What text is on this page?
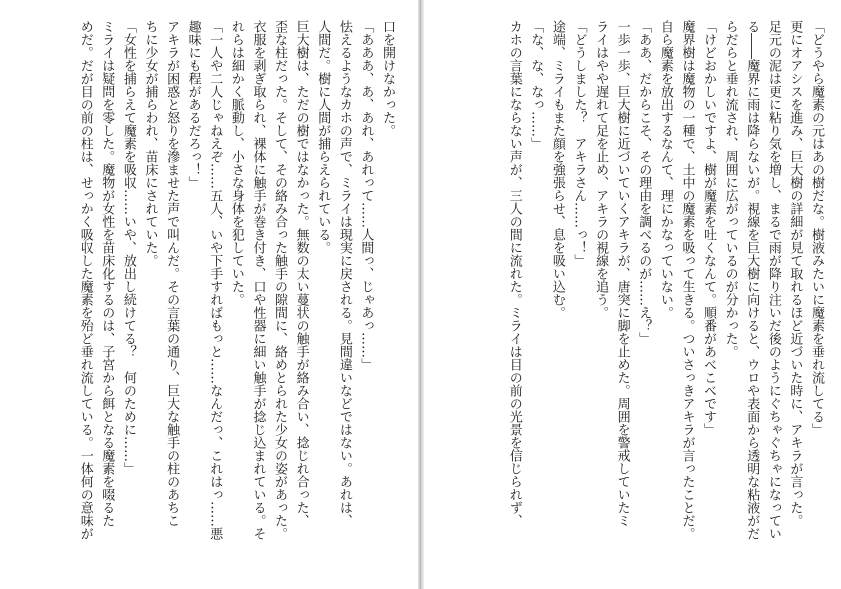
口を開けなかった。
「あああ、あ、あれ、あれって……人間っ、じゃあっ……」
怯えるようなカホの声で、ミライは現実に戻される。見間違いなどではない。あれは、
人間だ。樹に人間が捕らえられている。
巨大樹は、ただの樹ではなかった。無数の太い蔓状の触手が絡み合い、捻じれ合った、
歪な柱だった。そして、その絡み合った触手の隙間に、絡めとられた少女の姿があった。
衣服を剥ぎ取られ、裸体に触手が巻き付き、口や性器に細い触手が捻じ込まれている。そ
れらは細かく脈動し、小さな身体を犯していた。
「一人や二人じゃねえぞ……五人、いや下手すればもっと……なんだっ、これはっ……悪
趣味にも程があるだろっ！」
アキラが困惑と怒りを滲ませた声で叫んだ。その言葉の通り、巨大な触手の柱のあちこ
ちに少女が捕らわれ、苗床にされていた。
「女性を捕らえて魔素を吸収……いや、放出し続けてる？　何のために……」
ミライは疑問を零した。魔物が女性を苗床化するのは、子宮から餌となる魔素を啜るた
めだ。だが目の前の柱は、せっかく吸収した魔素を殆ど垂れ流している。一体何の意味が	「どうやら魔素の元はあの樹だな。樹液みたいに魔素を垂れ流してる」
更にオアシスを進み、巨大樹の詳細が見て取れるほど近づいた時に、アキラが言った。
足元の泥は更に粘り気を増し、まるで雨が降り注いだ後のようにぐちゃぐちゃになってい
る――魔界に雨は降らないが。視線を巨大樹に向けると、ウロや表面から透明な粘液がだ
らだらと垂れ流され、周囲に広がっているのが分かった。
「けどおかしいですよ、樹が魔素を吐くなんて。順番があべこべです」
魔界樹は魔物の一種で、土中の魔素を吸って生きる。ついさっきアキラが言ったことだ。
自ら魔素を放出するなんて、理にかなっていない。
「ああ、だからこそ、その理由を調べるのが……え？」
一歩一歩、巨大樹に近づいていくアキラが、唐突に脚を止めた。周囲を警戒していたミ
ライはやや遅れて足を止め、アキラの視線を追う。
「どうしました？　アキラさん……っ！」
途端、ミライもまた顔を強張らせ、息を吸い込む。
「な、な、なっ……」
カホの言葉にならない声が、三人の間に流れた。ミライは目の前の光景を信じられず、
